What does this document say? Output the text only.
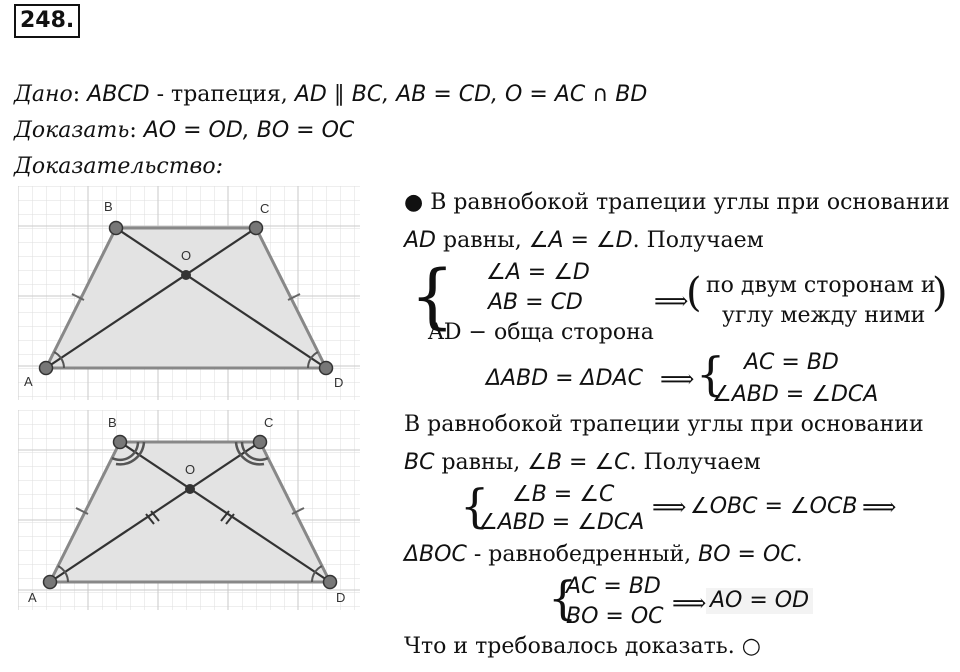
248.
Дано: ABCD - трапеция, AD ∥ BC, AB = CD, O = AC ∩ BD
Доказать: AO = OD, BO = OC
Доказательство:
A
B	C
D
O
A
B	C
D
O
● В равнобокой трапеции углы при основании
AD равны, ∠A = ∠D. Получаем
{ ∠A = ∠D
AB = CD
AD − обща сторона
⟹
( по двум сторонам и
углу между ними )
ΔABD = ΔDAC ⟹ { AC = BD
∠ABD = ∠DCA
В равнобокой трапеции углы при основании
BC равны, ∠B = ∠C. Получаем
{ ∠B = ∠C
∠ABD = ∠DCA
⟹ ∠OBC = ∠OCB ⟹
ΔBOC - равнобедренный, BO = OC.
{
AC = BD
BO = OC ⟹ AO = OD
Что и требовалось доказать. ○
